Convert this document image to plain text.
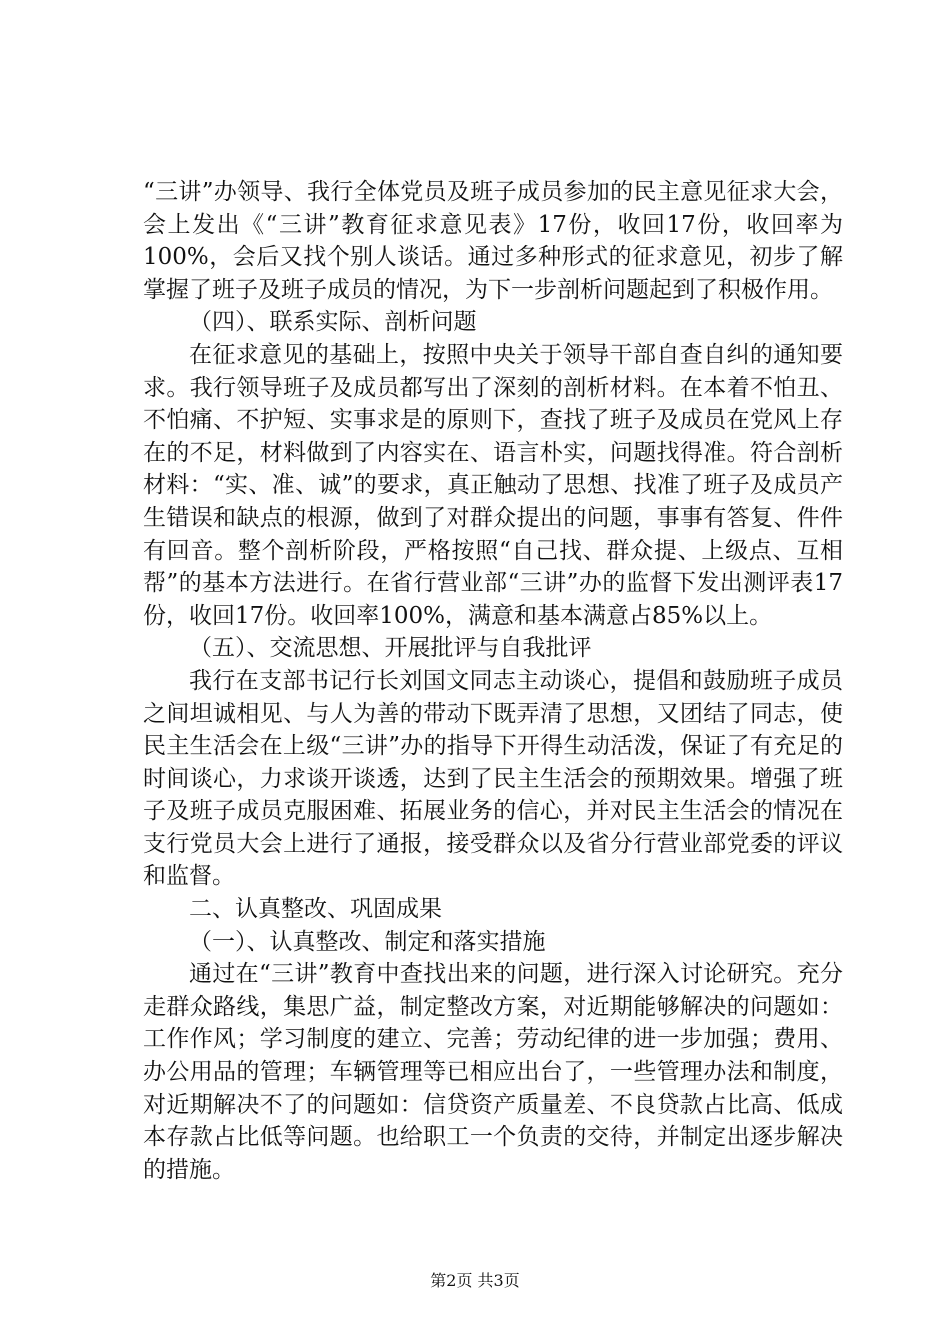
“三讲”办领导、我行全体党员及班子成员参加的民主意见征求大会，会上发出《“三讲”教育征求意见表》17份，收回17份，收回率为100%，会后又找个别人谈话。通过多种形式的征求意见，初步了解掌握了班子及班子成员的情况，为下一步剖析问题起到了积极作用。

（四）、联系实际、剖析问题

在征求意见的基础上，按照中央关于领导干部自查自纠的通知要求。我行领导班子及成员都写出了深刻的剖析材料。在本着不怕丑、不怕痛、不护短、实事求是的原则下，查找了班子及成员在党风上存在的不足，材料做到了内容实在、语言朴实，问题找得准。符合剖析材料：“实、准、诚”的要求，真正触动了思想、找准了班子及成员产生错误和缺点的根源，做到了对群众提出的问题，事事有答复、件件有回音。整个剖析阶段，严格按照“自己找、群众提、上级点、互相帮”的基本方法进行。在省行营业部“三讲”办的监督下发出测评表17份，收回17份。收回率100%，满意和基本满意占85%以上。

（五）、交流思想、开展批评与自我批评

我行在支部书记行长刘国文同志主动谈心，提倡和鼓励班子成员之间坦诚相见、与人为善的带动下既弄清了思想，又团结了同志，使民主生活会在上级“三讲”办的指导下开得生动活泼，保证了有充足的时间谈心，力求谈开谈透，达到了民主生活会的预期效果。增强了班子及班子成员克服困难、拓展业务的信心，并对民主生活会的情况在支行党员大会上进行了通报，接受群众以及省分行营业部党委的评议和监督。

二、认真整改、巩固成果

（一）、认真整改、制定和落实措施

通过在“三讲”教育中查找出来的问题，进行深入讨论研究。充分走群众路线，集思广益，制定整改方案，对近期能够解决的问题如：工作作风；学习制度的建立、完善；劳动纪律的进一步加强；费用、办公用品的管理；车辆管理等已相应出台了，一些管理办法和制度，对近期解决不了的问题如：信贷资产质量差、不良贷款占比高、低成本存款占比低等问题。也给职工一个负责的交待，并制定出逐步解决的措施。

第2页 共3页
